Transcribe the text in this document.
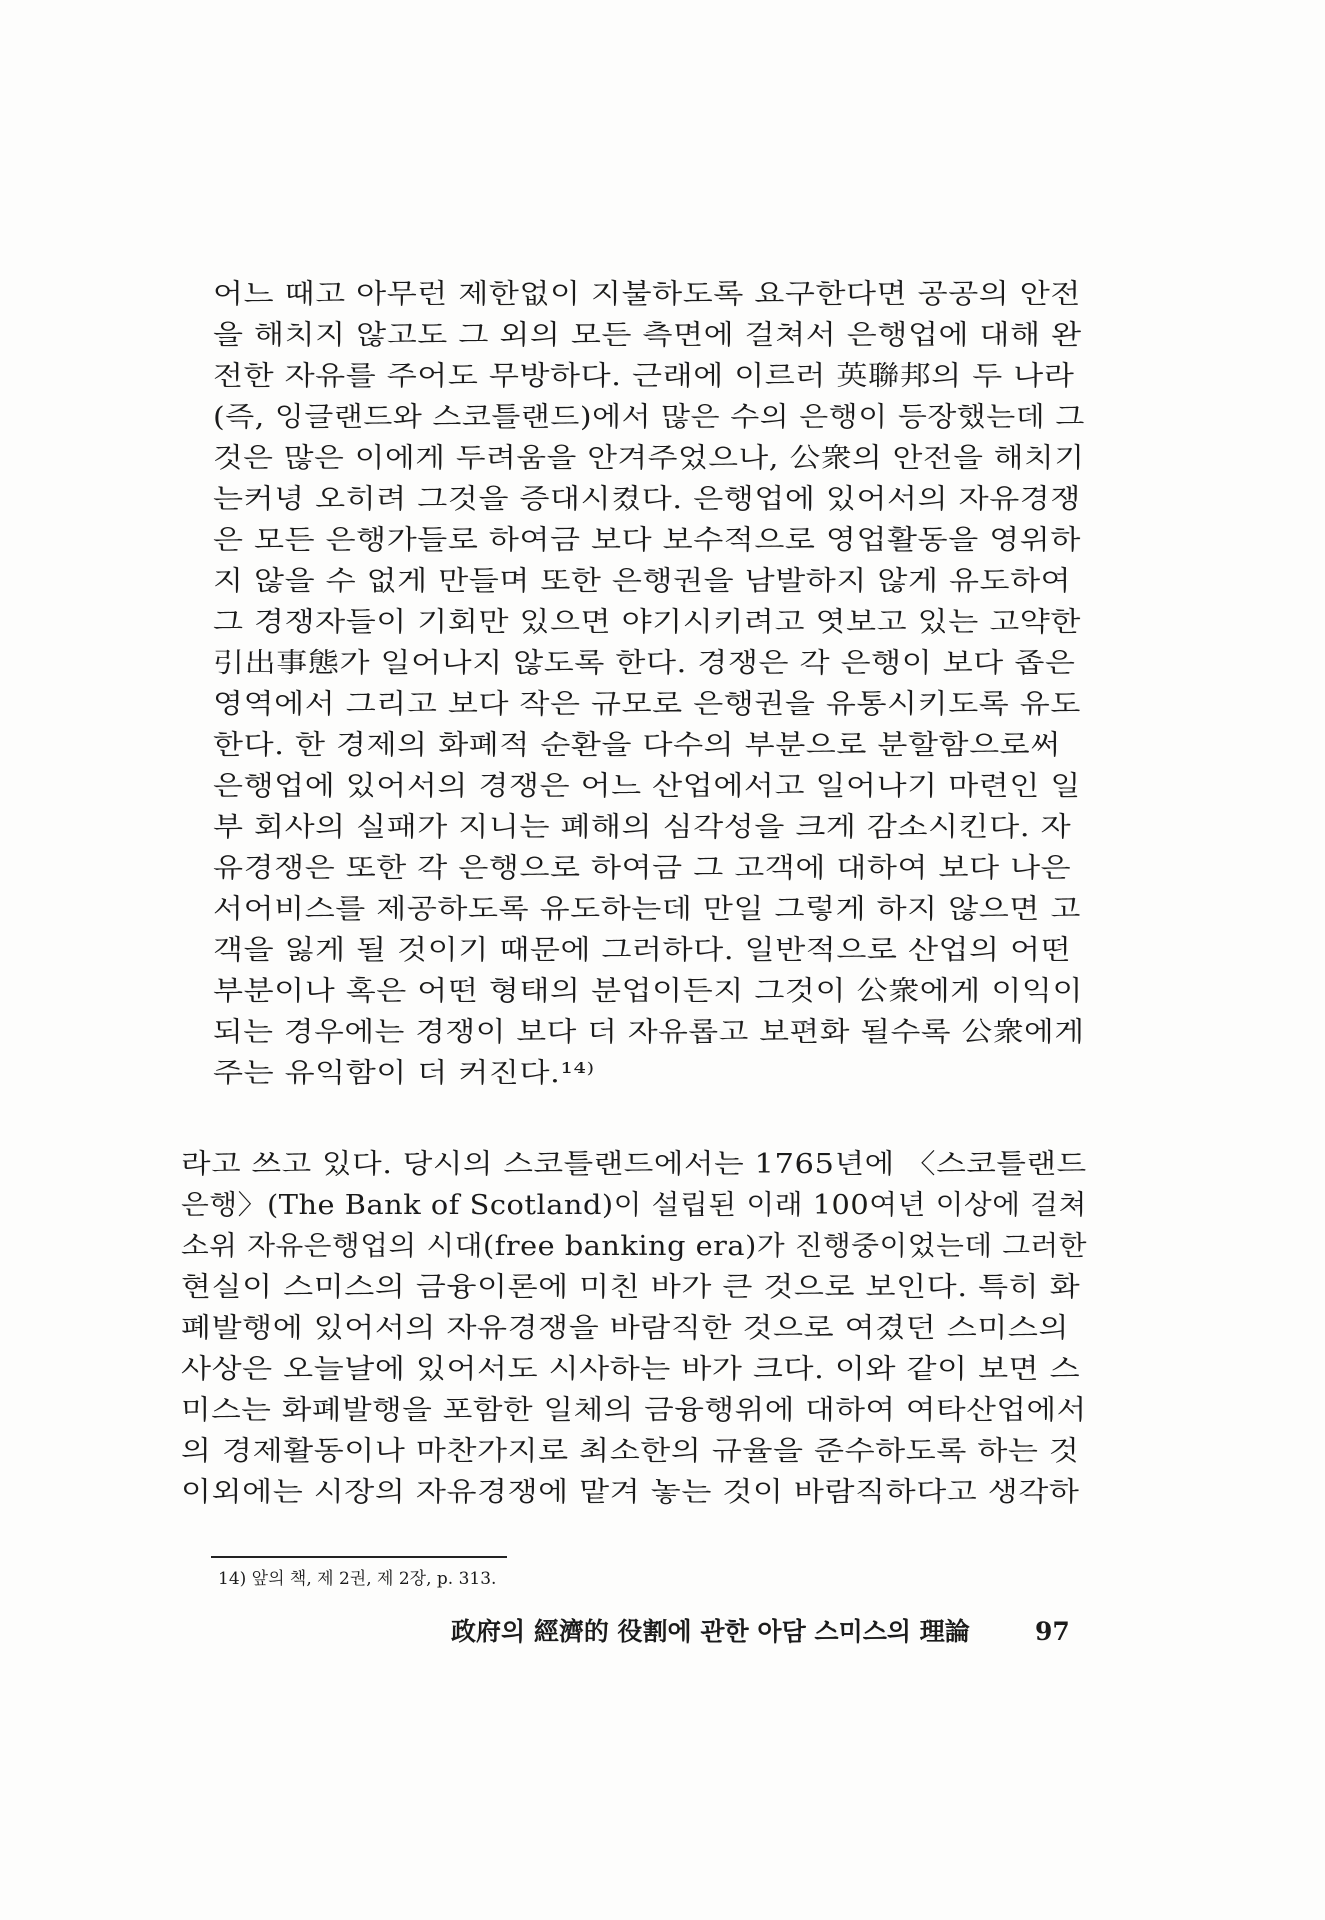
어느 때고 아무런 제한없이 지불하도록 요구한다면 공공의 안전
을 해치지 않고도 그 외의 모든 측면에 걸쳐서 은행업에 대해 완
전한 자유를 주어도 무방하다. 근래에 이르러 英聯邦의 두 나라
(즉, 잉글랜드와 스코틀랜드)에서 많은 수의 은행이 등장했는데 그
것은 많은 이에게 두려움을 안겨주었으나, 公衆의 안전을 해치기
는커녕 오히려 그것을 증대시켰다. 은행업에 있어서의 자유경쟁
은 모든 은행가들로 하여금 보다 보수적으로 영업활동을 영위하
지 않을 수 없게 만들며 또한 은행권을 남발하지 않게 유도하여
그 경쟁자들이 기회만 있으면 야기시키려고 엿보고 있는 고약한
引出事態가 일어나지 않도록 한다. 경쟁은 각 은행이 보다 좁은
영역에서 그리고 보다 작은 규모로 은행권을 유통시키도록 유도
한다. 한 경제의 화폐적 순환을 다수의 부분으로 분할함으로써
은행업에 있어서의 경쟁은 어느 산업에서고 일어나기 마련인 일
부 회사의 실패가 지니는 폐해의 심각성을 크게 감소시킨다. 자
유경쟁은 또한 각 은행으로 하여금 그 고객에 대하여 보다 나은
서어비스를 제공하도록 유도하는데 만일 그렇게 하지 않으면 고
객을 잃게 될 것이기 때문에 그러하다. 일반적으로 산업의 어떤
부분이나 혹은 어떤 형태의 분업이든지 그것이 公衆에게 이익이
되는 경우에는 경쟁이 보다 더 자유롭고 보편화 될수록 公衆에게
주는 유익함이 더 커진다.¹⁴⁾
라고 쓰고 있다. 당시의 스코틀랜드에서는 1765년에 〈스코틀랜드
은행〉(The Bank of Scotland)이 설립된 이래 100여년 이상에 걸쳐
소위 자유은행업의 시대(free banking era)가 진행중이었는데 그러한
현실이 스미스의 금융이론에 미친 바가 큰 것으로 보인다. 특히 화
폐발행에 있어서의 자유경쟁을 바람직한 것으로 여겼던 스미스의
사상은 오늘날에 있어서도 시사하는 바가 크다. 이와 같이 보면 스
미스는 화폐발행을 포함한 일체의 금융행위에 대하여 여타산업에서
의 경제활동이나 마찬가지로 최소한의 규율을 준수하도록 하는 것
이외에는 시장의 자유경쟁에 맡겨 놓는 것이 바람직하다고 생각하
14) 앞의 책, 제 2권, 제 2장, p. 313.
政府의 經濟的 役割에 관한 아담 스미스의 理論	97
